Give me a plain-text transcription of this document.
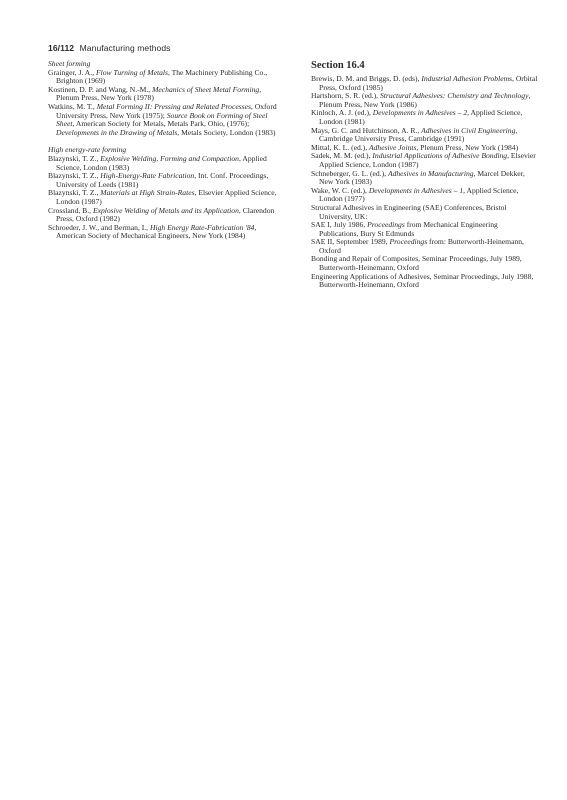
16/112 Manufacturing methods
Sheet forming

Grainger, J. A., Flow Turning of Metals, The Machinery Publishing Co., Brighton (1969)

Kostinen, D. P. and Wang, N.-M., Mechanics of Sheet Metal Forming, Plenum Press, New York (1978)

Watkins, M. T., Metal Forming II: Pressing and Related Processes, Oxford University Press, New York (1975); Source Book on Forming of Steel Sheet, American Society for Metals, Metals Park, Ohio, (1976); Developments in the Drawing of Metals, Metals Society, London (1983)

High energy-rate forming

Blazynski, T. Z., Explosive Welding, Forming and Compaction, Applied Science, London (1983)

Blazynski, T. Z., High-Energy-Rate Fabrication, Int. Conf. Proceedings, University of Leeds (1981)

Blazynski, T. Z., Materials at High Strain-Rates, Elsevier Applied Science, London (1987)

Crossland, B., Explosive Welding of Metals and its Application, Clarendon Press, Oxford (1982)

Schroeder, J. W., and Berman, I., High Energy Rate-Fabrication '84, American Society of Mechanical Engineers, New York (1984)

Section 16.4

Brewis, D. M. and Briggs, D. (eds), Industrial Adhesion Problems, Orbital Press, Oxford (1985)

Hartshorn, S. R. (ed.), Structural Adhesives: Chemistry and Technology, Plenum Press, New York (1986)

Kinloch, A. J. (ed.), Developments in Adhesives – 2, Applied Science, London (1981)

Mays, G. C. and Hutchinson, A. R., Adhesives in Civil Engineering, Cambridge University Press, Cambridge (1991)

Mittal, K. L. (ed.), Adhesive Joints, Plenum Press, New York (1984)

Sadek, M. M. (ed.), Industrial Applications of Adhesive Bonding, Elsevier Applied Science, London (1987)

Schneberger, G. L. (ed.), Adhesives in Manufacturing, Marcel Dekker, New York (1983)

Wake, W. C. (ed.), Developments in Adhesives – 1, Applied Science, London (1977)

Structural Adhesives in Engineering (SAE) Conferences, Bristol University, UK:

SAE I, July 1986, Proceedings from Mechanical Engineering Publications, Bury St Edmunds

SAE II, September 1989, Proceedings from: Butterworth-Heinemann, Oxford

Bonding and Repair of Composites, Seminar Proceedings, July 1989, Butterworth-Heinemann, Oxford

Engineering Applications of Adhesives, Seminar Proceedings, July 1988, Butterworth-Heinemann, Oxford
